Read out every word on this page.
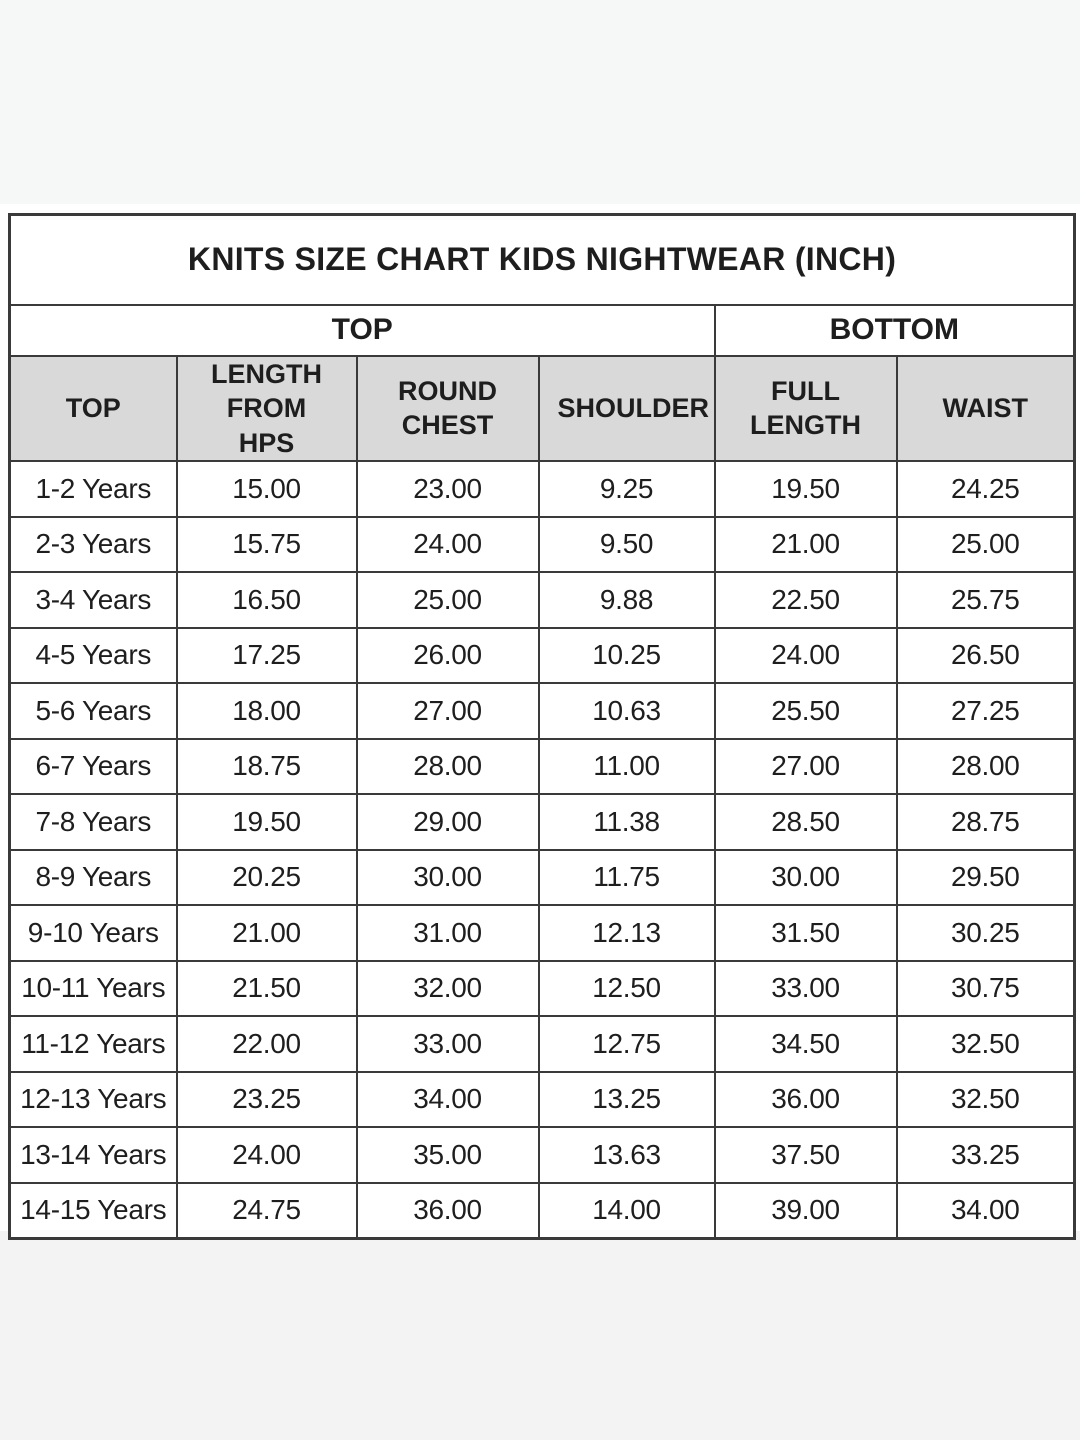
KNITS SIZE CHART KIDS NIGHTWEAR (INCH)					
TOP				BOTTOM	
TOP	LENGTH FROM HPS	ROUND CHEST	SHOULDER	FULL LENGTH	WAIST
1-2 Years	15.00	23.00	9.25	19.50	24.25
2-3 Years	15.75	24.00	9.50	21.00	25.00
3-4 Years	16.50	25.00	9.88	22.50	25.75
4-5 Years	17.25	26.00	10.25	24.00	26.50
5-6 Years	18.00	27.00	10.63	25.50	27.25
6-7 Years	18.75	28.00	11.00	27.00	28.00
7-8 Years	19.50	29.00	11.38	28.50	28.75
8-9 Years	20.25	30.00	11.75	30.00	29.50
9-10 Years	21.00	31.00	12.13	31.50	30.25
10-11 Years	21.50	32.00	12.50	33.00	30.75
11-12 Years	22.00	33.00	12.75	34.50	32.50
12-13 Years	23.25	34.00	13.25	36.00	32.50
13-14 Years	24.00	35.00	13.63	37.50	33.25
14-15 Years	24.75	36.00	14.00	39.00	34.00
